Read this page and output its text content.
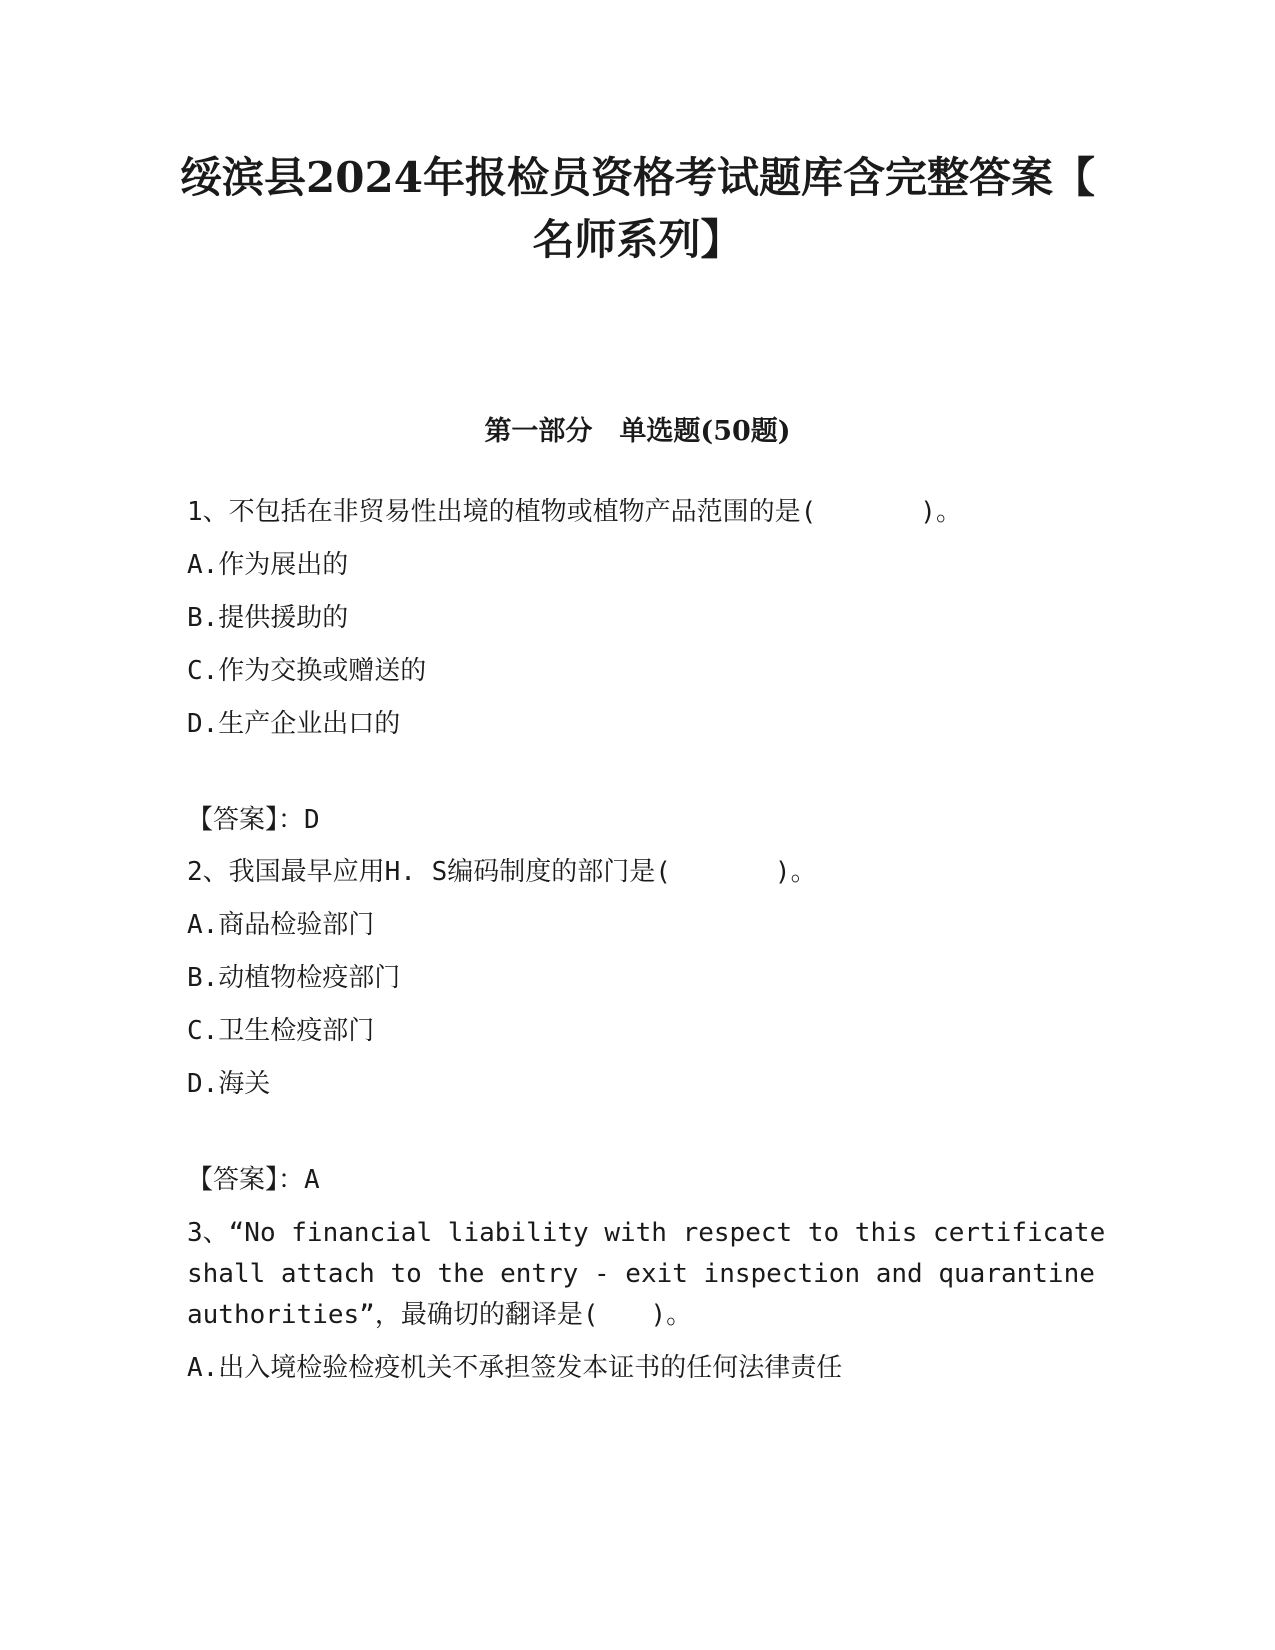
绥滨县2024年报检员资格考试题库含完整答案【
名师系列】
第一部分　单选题(50题)

1、不包括在非贸易性出境的植物或植物产品范围的是(　　　　)。

A.作为展出的

B.提供援助的

C.作为交换或赠送的

D.生产企业出口的

【答案】：D

2、我国最早应用H. S编码制度的部门是(　　　　)。

A.商品检验部门

B.动植物检疫部门

C.卫生检疫部门

D.海关

【答案】：A

3、“No financial liability with respect to this certificate

shall attach to the entry - exit inspection and quarantine

authorities”，最确切的翻译是(　　)。

A.出入境检验检疫机关不承担签发本证书的任何法律责任
